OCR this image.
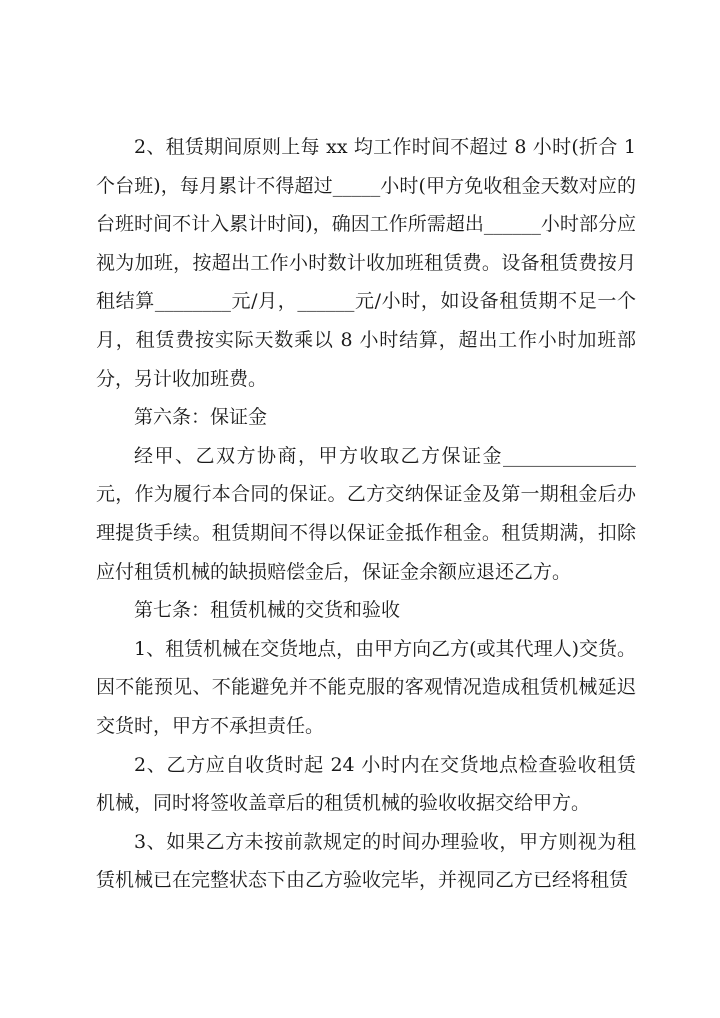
2、租赁期间原则上每 xx 均工作时间不超过 8 小时(折合 1 个台班)，每月累计不得超过_____小时(甲方免收租金天数对应的台班时间不计入累计时间)，确因工作所需超出______小时部分应视为加班，按超出工作小时数计收加班租赁费。设备租赁费按月租结算________元/月，______元/小时，如设备租赁期不足一个月，租赁费按实际天数乘以 8 小时结算，超出工作小时加班部分，另计收加班费。

第六条：保证金

经甲、乙双方协商，甲方收取乙方保证金______________元，作为履行本合同的保证。乙方交纳保证金及第一期租金后办理提货手续。租赁期间不得以保证金抵作租金。租赁期满，扣除应付租赁机械的缺损赔偿金后，保证金余额应退还乙方。

第七条：租赁机械的交货和验收

1、租赁机械在交货地点，由甲方向乙方(或其代理人)交货。因不能预见、不能避免并不能克服的客观情况造成租赁机械延迟交货时，甲方不承担责任。

2、乙方应自收货时起 24 小时内在交货地点检查验收租赁机械，同时将签收盖章后的租赁机械的验收收据交给甲方。

3、如果乙方未按前款规定的时间办理验收，甲方则视为租赁机械已在完整状态下由乙方验收完毕，并视同乙方已经将租赁
